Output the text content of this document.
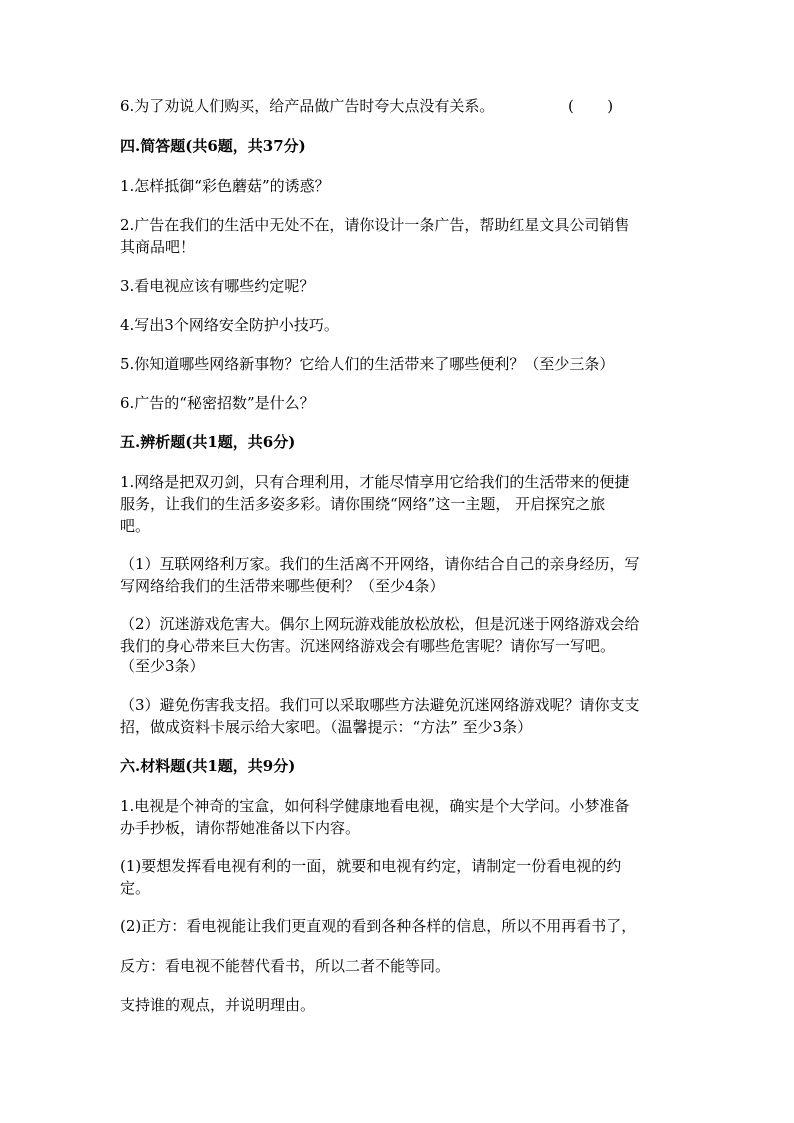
6.为了劝说人们购买，给产品做广告时夸大点没有关系。	(       )
四.简答题(共6题，共37分)
1.怎样抵御“彩色蘑菇”的诱惑？
2.广告在我们的生活中无处不在，请你设计一条广告，帮助红星文具公司销售
其商品吧！
3.看电视应该有哪些约定呢？
4.写出3个网络安全防护小技巧。
5.你知道哪些网络新事物？它给人们的生活带来了哪些便利？（至少三条）
6.广告的“秘密招数”是什么？
五.辨析题(共1题，共6分)
1.网络是把双刃剑，只有合理利用，才能尽情享用它给我们的生活带来的便捷
服务，让我们的生活多姿多彩。请你围绕“网络”这一主题， 开启探究之旅
吧。
（1）互联网络利万家。我们的生活离不开网络，请你结合自己的亲身经历，写
写网络给我们的生活带来哪些便利？（至少4条）
（2）沉迷游戏危害大。偶尔上网玩游戏能放松放松，但是沉迷于网络游戏会给
我们的身心带来巨大伤害。沉迷网络游戏会有哪些危害呢？请你写一写吧。
（至少3条）
（3）避免伤害我支招。我们可以采取哪些方法避免沉迷网络游戏呢？请你支支
招，做成资料卡展示给大家吧。（温馨提示：“方法” 至少3条）
六.材料题(共1题，共9分)
1.电视是个神奇的宝盒，如何科学健康地看电视，确实是个大学问。小梦准备
办手抄板，请你帮她准备以下内容。
(1)要想发挥看电视有利的一面，就要和电视有约定，请制定一份看电视的约
定。
(2)正方：看电视能让我们更直观的看到各种各样的信息，所以不用再看书了，
反方：看电视不能替代看书，所以二者不能等同。
支持谁的观点，并说明理由。
